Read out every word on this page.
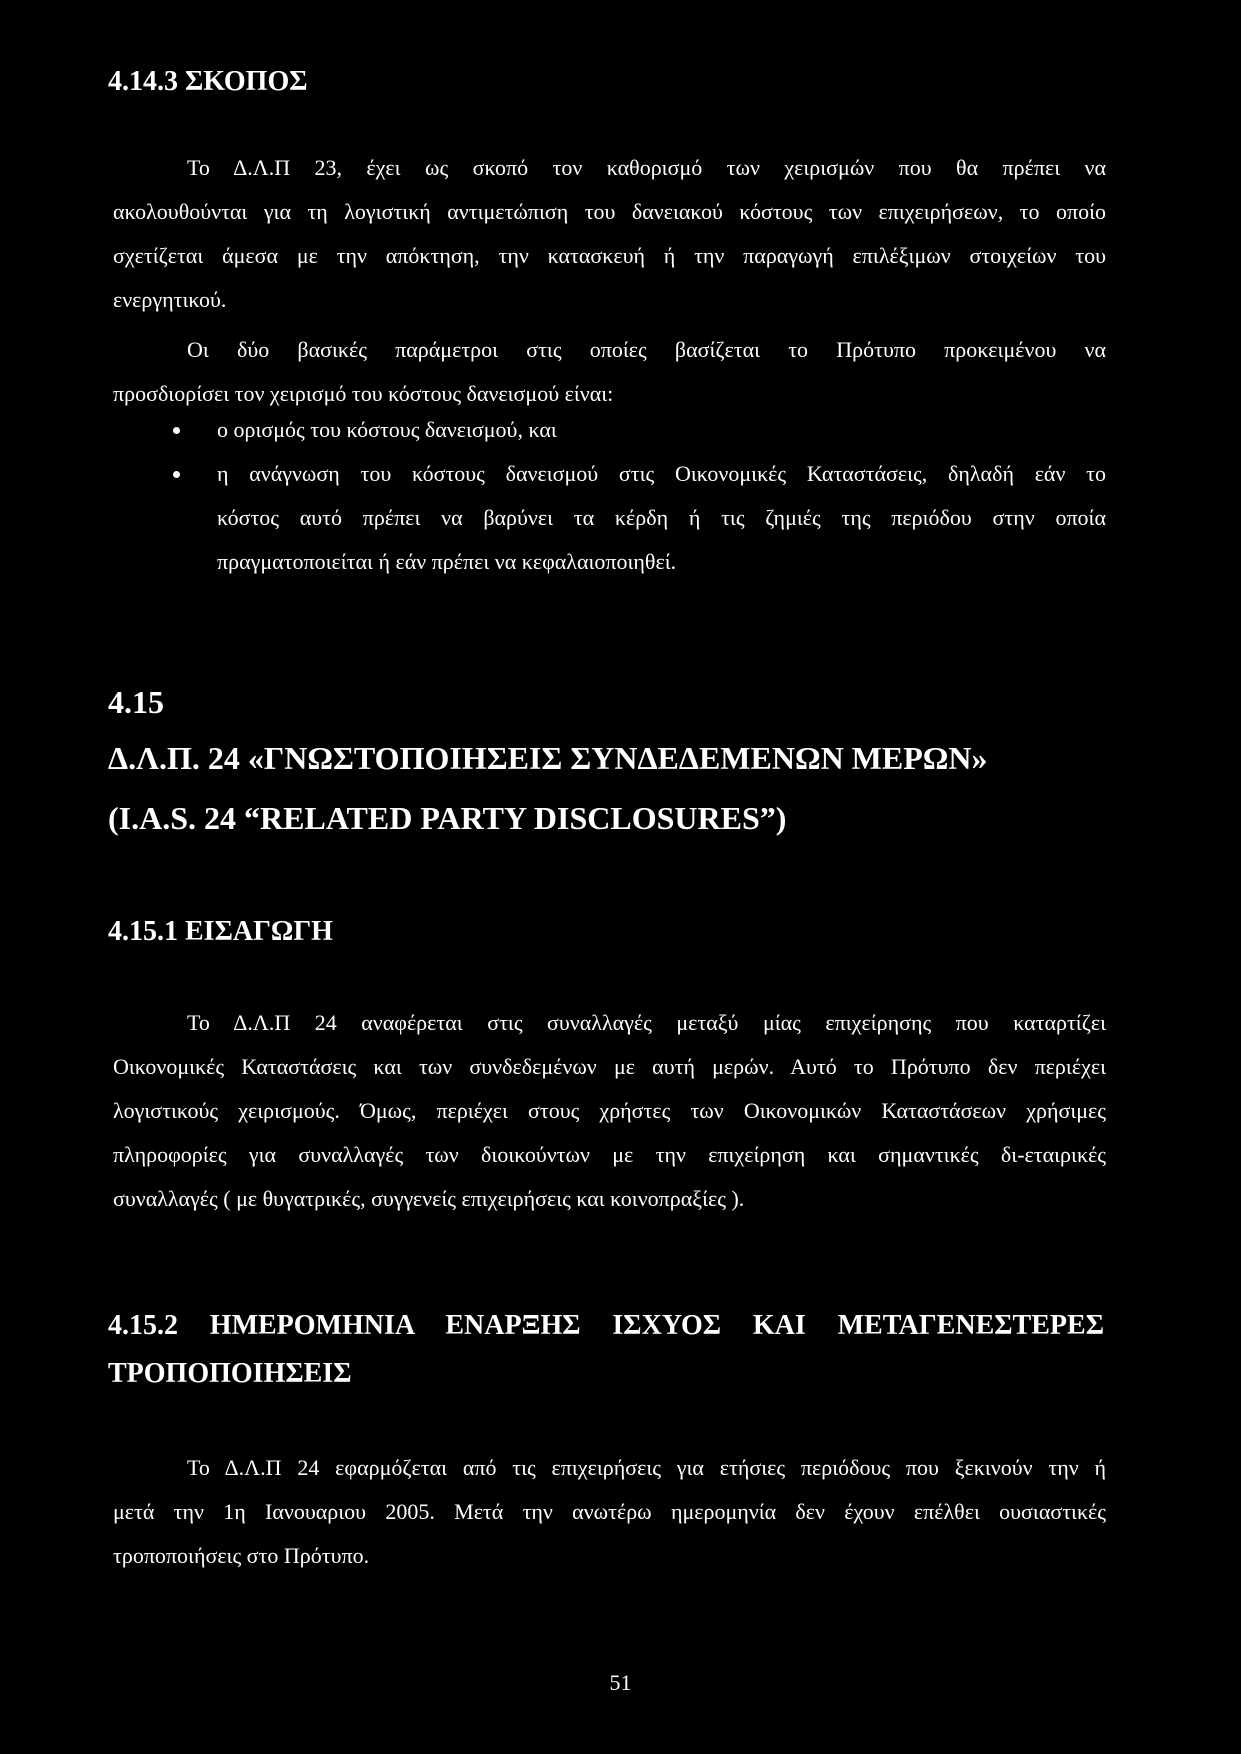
4.14.3 ΣΚΟΠΟΣ

Το Δ.Λ.Π 23, έχει ως σκοπό τον καθορισμό των χειρισμών που θα πρέπει να
ακολουθούνται για τη λογιστική αντιμετώπιση του δανειακού κόστους των επιχειρήσεων, το οποίο
σχετίζεται άμεσα με την απόκτηση, την κατασκευή ή την παραγωγή επιλέξιμων στοιχείων του
ενεργητικού.

Οι δύο βασικές παράμετροι στις οποίες βασίζεται το Πρότυπο προκειμένου να
προσδιορίσει τον χειρισμό του κόστους δανεισμού είναι:

ο ορισμός του κόστους δανεισμού, και
η ανάγνωση του κόστους δανεισμού στις Οικονομικές Καταστάσεις, δηλαδή εάν το
κόστος αυτό πρέπει να βαρύνει τα κέρδη ή τις ζημιές της περιόδου στην οποία
πραγματοποιείται ή εάν πρέπει να κεφαλαιοποιηθεί.
4.15
Δ.Λ.Π. 24 «ΓΝΩΣΤΟΠΟΙΗΣΕΙΣ ΣΥΝΔΕΔΕΜΕΝΩΝ ΜΕΡΩΝ»
(I.A.S. 24 “RELATED PARTY DISCLOSURES”)
4.15.1 ΕΙΣΑΓΩΓΗ

Το Δ.Λ.Π 24 αναφέρεται στις συναλλαγές μεταξύ μίας επιχείρησης που καταρτίζει
Οικονομικές Καταστάσεις και των συνδεδεμένων με αυτή μερών. Αυτό το Πρότυπο δεν περιέχει
λογιστικούς χειρισμούς. Όμως, περιέχει στους χρήστες των Οικονομικών Καταστάσεων χρήσιμες
πληροφορίες για συναλλαγές των διοικούντων με την επιχείρηση και σημαντικές δι-εταιρικές
συναλλαγές ( με θυγατρικές, συγγενείς επιχειρήσεις και κοινοπραξίες ).

4.15.2 ΗΜΕΡΟΜΗΝΙΑ ΕΝΑΡΞΗΣ ΙΣΧΥΟΣ ΚΑΙ ΜΕΤΑΓΕΝΕΣΤΕΡΕΣ
ΤΡΟΠΟΠΟΙΗΣΕΙΣ

Το Δ.Λ.Π 24 εφαρμόζεται από τις επιχειρήσεις για ετήσιες περιόδους που ξεκινούν την ή
μετά την 1η Ιανουαριου 2005. Μετά την ανωτέρω ημερομηνία δεν έχουν επέλθει ουσιαστικές
τροποποιήσεις στο Πρότυπο.

51
